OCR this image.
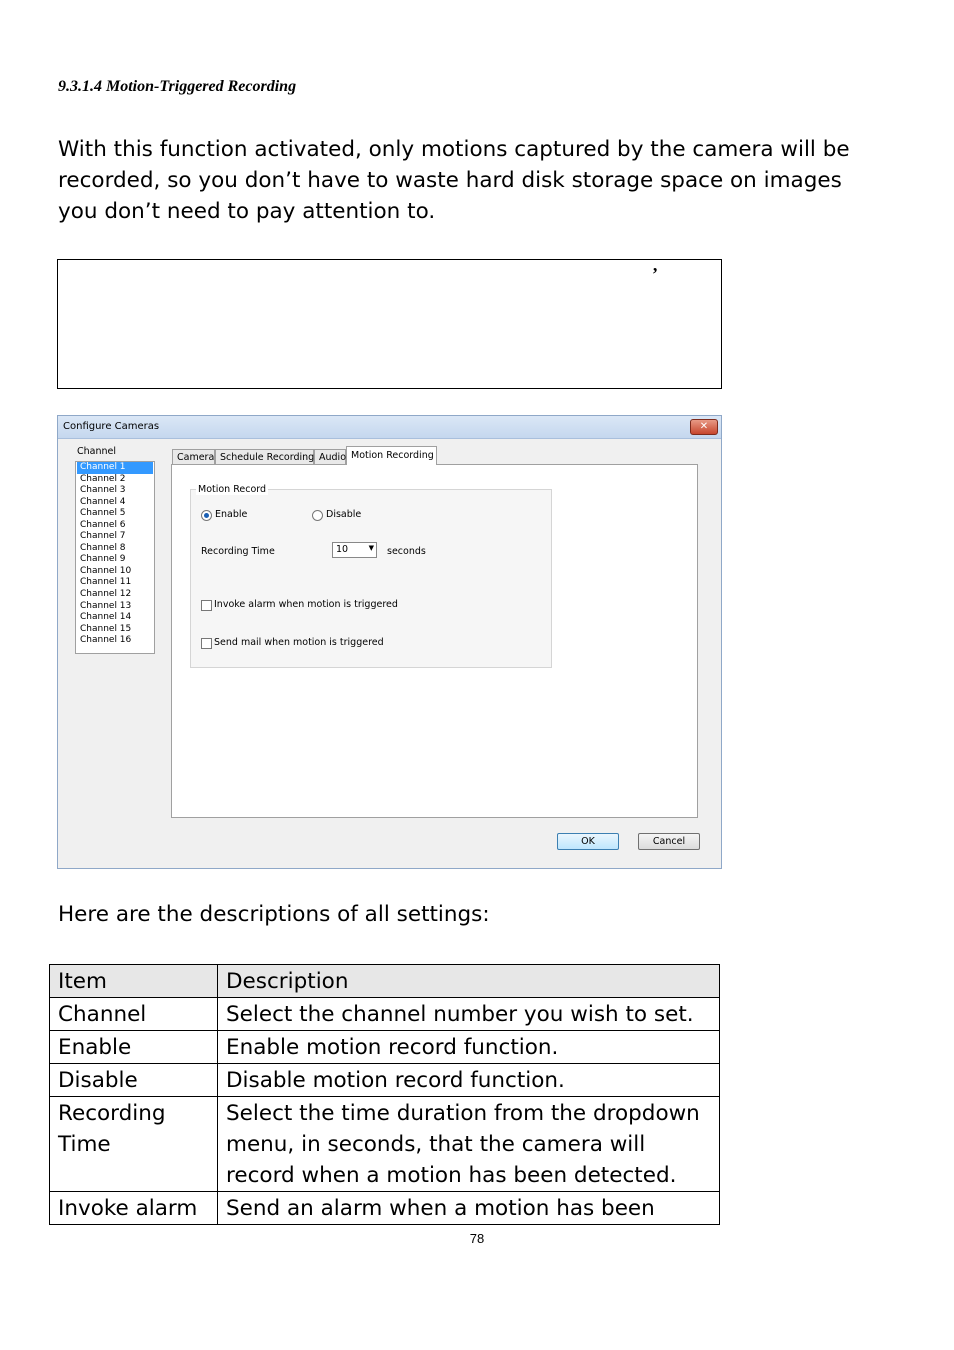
9.3.1.4 Motion-Triggered Recording
With this function activated, only motions captured by the camera will be recorded, so you don’t have to waste hard disk storage space on images you don’t need to pay attention to.
’
Configure Cameras	✕
Channel
Channel 1
Channel 2
Channel 3
Channel 4
Channel 5
Channel 6
Channel 7
Channel 8
Channel 9
Channel 10
Channel 11
Channel 12
Channel 13
Channel 14
Channel 15
Channel 16
Camera Schedule Recording Audio Motion Recording
Motion Record
Enable	Disable
Recording Time	10	▼ seconds
Invoke alarm when motion is triggered
Send mail when motion is triggered
OK	Cancel
Here are the descriptions of all settings:
Item	Description
Channel	Select the channel number you wish to set.
Enable	Enable motion record function.
Disable	Disable motion record function.
Recording Time	Select the time duration from the dropdown menu, in seconds, that the camera will record when a motion has been detected.
Invoke alarm	Send an alarm when a motion has been
78
